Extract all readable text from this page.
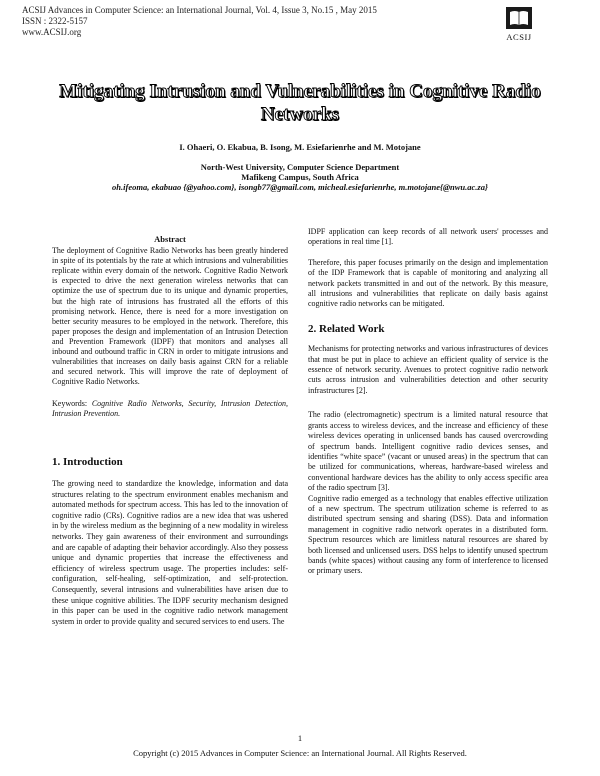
ACSIJ Advances in Computer Science: an International Journal, Vol. 4, Issue 3, No.15 , May 2015
ISSN : 2322-5157
www.ACSIJ.org	ACSIJ
Mitigating Intrusion and Vulnerabilities in Cognitive Radio
Networks
I. Ohaeri, O. Ekabua, B. Isong, M. Esiefarienrhe and M. Motojane
North-West University, Computer Science Department
Mafikeng Campus, South Africa
oh.ifeoma, ekabuao {@yahoo.com}, isongb77@gmail.com, micheal.esiefarienrhe, m.motojane{@nwu.ac.za}
Abstract

The deployment of Cognitive Radio Networks has been greatly hindered in spite of its potentials by the rate at which intrusions and vulnerabilities replicate within every domain of the network. Cognitive Radio Network is expected to drive the next generation wireless networks that can optimize the use of spectrum due to its unique and dynamic properties, but the high rate of intrusions has frustrated all the efforts of this promising network. Hence, there is need for a more investigation on better security measures to be employed in the network. Therefore, this paper proposes the design and implementation of an Intrusion Detection and Prevention Framework (IDPF) that monitors and analyses all inbound and outbound traffic in CRN in order to mitigate intrusions and vulnerabilities that increases on daily basis against CRN for a reliable and secured network. This will improve the rate of deployment of Cognitive Radio Networks.

Keywords: Cognitive Radio Networks, Security, Intrusion Detection, Intrusion Prevention.
1. Introduction
The growing need to standardize the knowledge, information and data structures relating to the spectrum environment enables mechanism and automated methods for spectrum access. This has led to the innovation of cognitive radio (CRs). Cognitive radios are a new idea that was ushered in by the wireless medium as the beginning of a new modality in wireless networks. They gain awareness of their environment and surroundings and are capable of adapting their behavior accordingly. Also they possess unique and dynamic properties that increase the effectiveness and efficiency of wireless spectrum usage. The properties includes: self-configuration, self-healing, self-optimization, and self-protection. Consequently, several intrusions and vulnerabilities have arisen due to these unique cognitive abilities. The IDPF security mechanism designed in this paper can be used in the cognitive radio network management system in order to provide quality and secured services to end users. The

IDPF application can keep records of all network users' processes and operations in real time [1].

Therefore, this paper focuses primarily on the design and implementation of the IDP Framework that is capable of monitoring and analyzing all network packets transmitted in and out of the network. By this measure, all intrusions and vulnerabilities that replicate on daily basis against cognitive radio networks can be mitigated.

2. Related Work

Mechanisms for protecting networks and various infrastructures of devices that must be put in place to achieve an efficient quality of service is the essence of network security. Avenues to protect cognitive radio network cuts across intrusion and vulnerabilities detection and other security infrastructures [2].

The radio (electromagnetic) spectrum is a limited natural resource that grants access to wireless devices, and the increase and efficiency of these wireless devices operating in unlicensed bands has caused overcrowding of spectrum bands. Intelligent cognitive radio devices senses, and identifies “white space” (vacant or unused areas) in the spectrum that can be utilized for communications, whereas, hardware-based wireless and conventional hardware devices has the ability to only access specific area of the radio spectrum [3].

Cognitive radio emerged as a technology that enables effective utilization of a new spectrum. The spectrum utilization scheme is referred to as distributed spectrum sensing and sharing (DSS). Data and information management in cognitive radio network operates in a distributed form. Spectrum resources which are limitless natural resources are shared by both licensed and unlicensed users. DSS helps to identify unused spectrum bands (white spaces) without causing any form of interference to licensed or primary users.

1
Copyright (c) 2015 Advances in Computer Science: an International Journal. All Rights Reserved.
